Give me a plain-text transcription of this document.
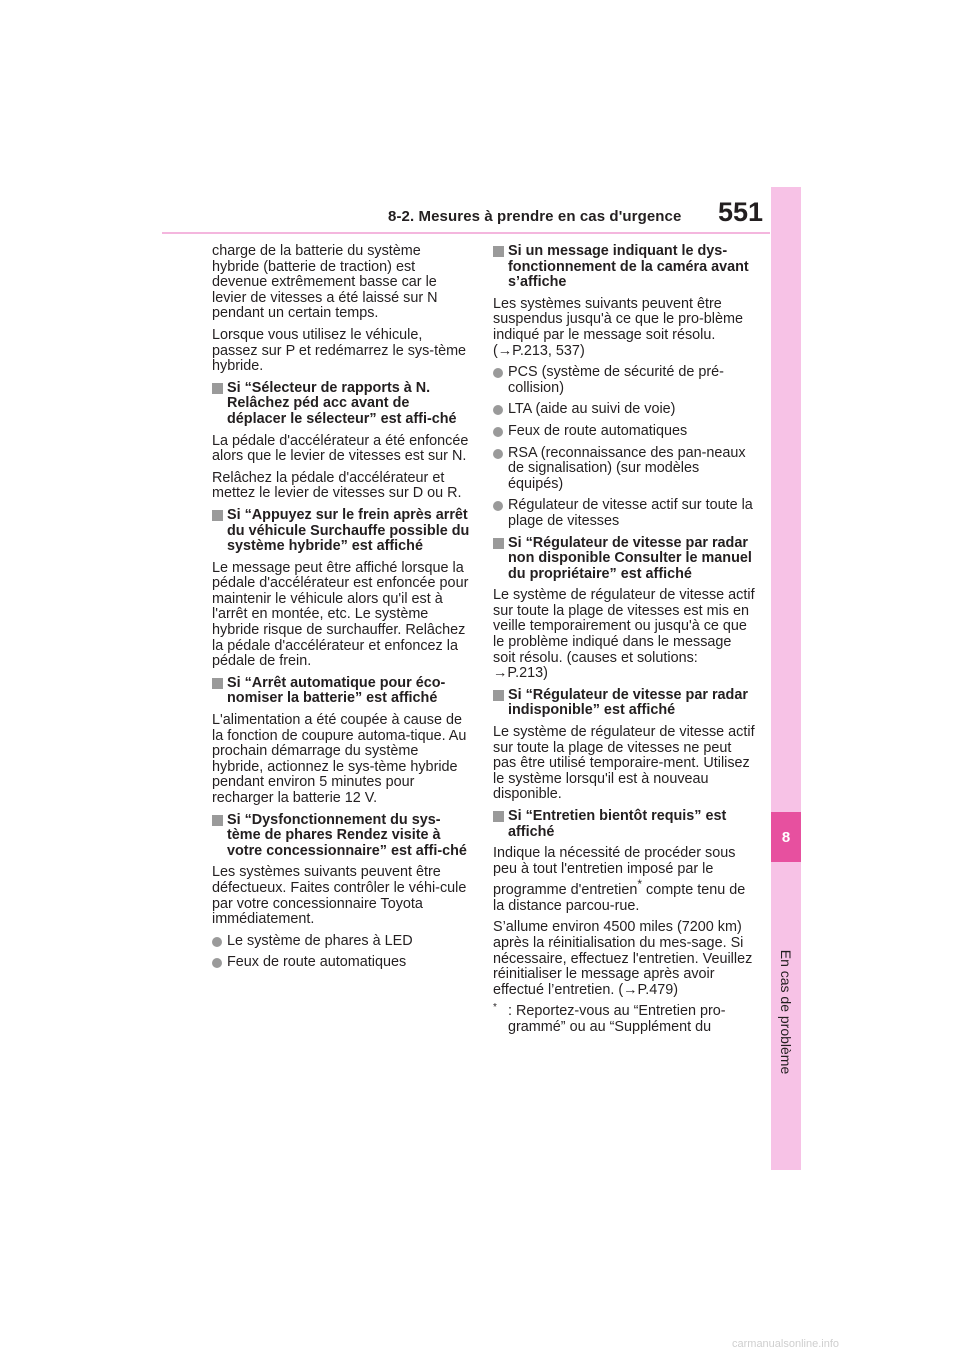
8
En cas de problème
8-2. Mesures à prendre en cas d'urgence 551

charge de la batterie du système hybride (batterie de traction) est devenue extrêmement basse car le levier de vitesses a été laissé sur N pendant un certain temps.

Lorsque vous utilisez le véhicule, passez sur P et redémarrez le sys-tème hybride.

Si “Sélecteur de rapports à N. Relâchez péd acc avant de déplacer le sélecteur” est affi-ché

La pédale d'accélérateur a été enfoncée alors que le levier de vitesses est sur N.

Relâchez la pédale d'accélérateur et mettez le levier de vitesses sur D ou R.

Si “Appuyez sur le frein après arrêt du véhicule Surchauffe possible du système hybride” est affiché

Le message peut être affiché lorsque la pédale d'accélérateur est enfoncée pour maintenir le véhicule alors qu'il est à l'arrêt en montée, etc. Le système hybride risque de surchauffer. Relâchez la pédale d'accélérateur et enfoncez la pédale de frein.

Si “Arrêt automatique pour éco-nomiser la batterie” est affiché

L'alimentation a été coupée à cause de la fonction de coupure automa-tique. Au prochain démarrage du système hybride, actionnez le sys-tème hybride pendant environ 5 minutes pour recharger la batterie 12 V.

Si “Dysfonctionnement du sys-tème de phares Rendez visite à votre concessionnaire” est affi-ché

Les systèmes suivants peuvent être défectueux. Faites contrôler le véhi-cule par votre concessionnaire Toyota immédiatement.

Le système de phares à LED
Feux de route automatiques
Si un message indiquant le dys-fonctionnement de la caméra avant s’affiche

Les systèmes suivants peuvent être suspendus jusqu'à ce que le pro-blème indiqué par le message soit résolu. (→P.213, 537)

PCS (système de sécurité de pré-collision)
LTA (aide au suivi de voie)
Feux de route automatiques
RSA (reconnaissance des pan-neaux de signalisation) (sur modèles équipés)
Régulateur de vitesse actif sur toute la plage de vitesses
Si “Régulateur de vitesse par radar non disponible Consulter le manuel du propriétaire” est affiché

Le système de régulateur de vitesse actif sur toute la plage de vitesses est mis en veille temporairement ou jusqu'à ce que le problème indiqué dans le message soit résolu. (causes et solutions: →P.213)

Si “Régulateur de vitesse par radar indisponible” est affiché

Le système de régulateur de vitesse actif sur toute la plage de vitesses ne peut pas être utilisé temporaire-ment. Utilisez le système lorsqu'il est à nouveau disponible.

Si “Entretien bientôt requis” est affiché

Indique la nécessité de procéder sous peu à tout l'entretien imposé par le programme d'entretien* compte tenu de la distance parcou-rue.

S’allume environ 4500 miles (7200 km) après la réinitialisation du mes-sage. Si nécessaire, effectuez l'entretien. Veuillez réinitialiser le message après avoir effectué l’entretien. (→P.479)

* : Reportez-vous au “Entretien pro-grammé” ou au “Supplément du

carmanualsonline.info
